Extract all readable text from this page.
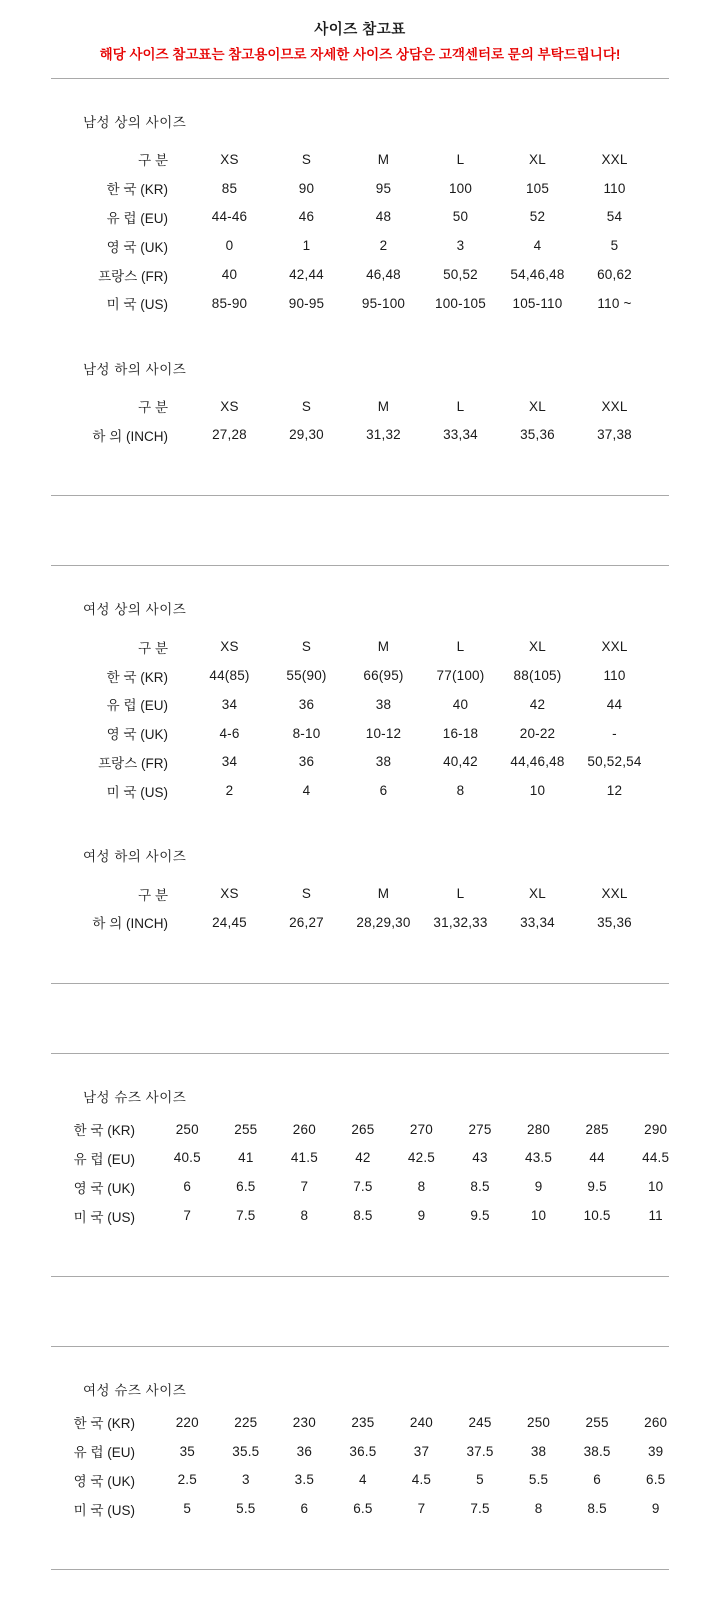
사이즈 참고표

해당 사이즈 참고표는 참고용이므로 자세한 사이즈 상담은 고객센터로 문의 부탁드립니다!

남성 상의 사이즈
구 분	XS	S	M	L	XL	XXL
한 국 (KR)	85	90	95	100	105	110
유 럽 (EU)	44-46	46	48	50	52	54
영 국 (UK)	0	1	2	3	4	5
프랑스 (FR)	40	42,44	46,48	50,52	54,46,48	60,62
미 국 (US)	85-90	90-95	95-100	100-105	105-110	110 ~
남성 하의 사이즈
구 분	XS	S	M	L	XL	XXL
하 의 (INCH)	27,28	29,30	31,32	33,34	35,36	37,38
여성 상의 사이즈
구 분	XS	S	M	L	XL	XXL
한 국 (KR)	44(85)	55(90)	66(95)	77(100)	88(105)	110
유 럽 (EU)	34	36	38	40	42	44
영 국 (UK)	4-6	8-10	10-12	16-18	20-22	-
프랑스 (FR)	34	36	38	40,42	44,46,48	50,52,54
미 국 (US)	2	4	6	8	10	12
여성 하의 사이즈
구 분	XS	S	M	L	XL	XXL
하 의 (INCH)	24,45	26,27	28,29,30	31,32,33	33,34	35,36
남성 슈즈 사이즈
한 국 (KR)	250	255	260	265	270	275	280	285	290
유 럽 (EU)	40.5	41	41.5	42	42.5	43	43.5	44	44.5
영 국 (UK)	6	6.5	7	7.5	8	8.5	9	9.5	10
미 국 (US)	7	7.5	8	8.5	9	9.5	10	10.5	11
여성 슈즈 사이즈
한 국 (KR)	220	225	230	235	240	245	250	255	260
유 럽 (EU)	35	35.5	36	36.5	37	37.5	38	38.5	39
영 국 (UK)	2.5	3	3.5	4	4.5	5	5.5	6	6.5
미 국 (US)	5	5.5	6	6.5	7	7.5	8	8.5	9
